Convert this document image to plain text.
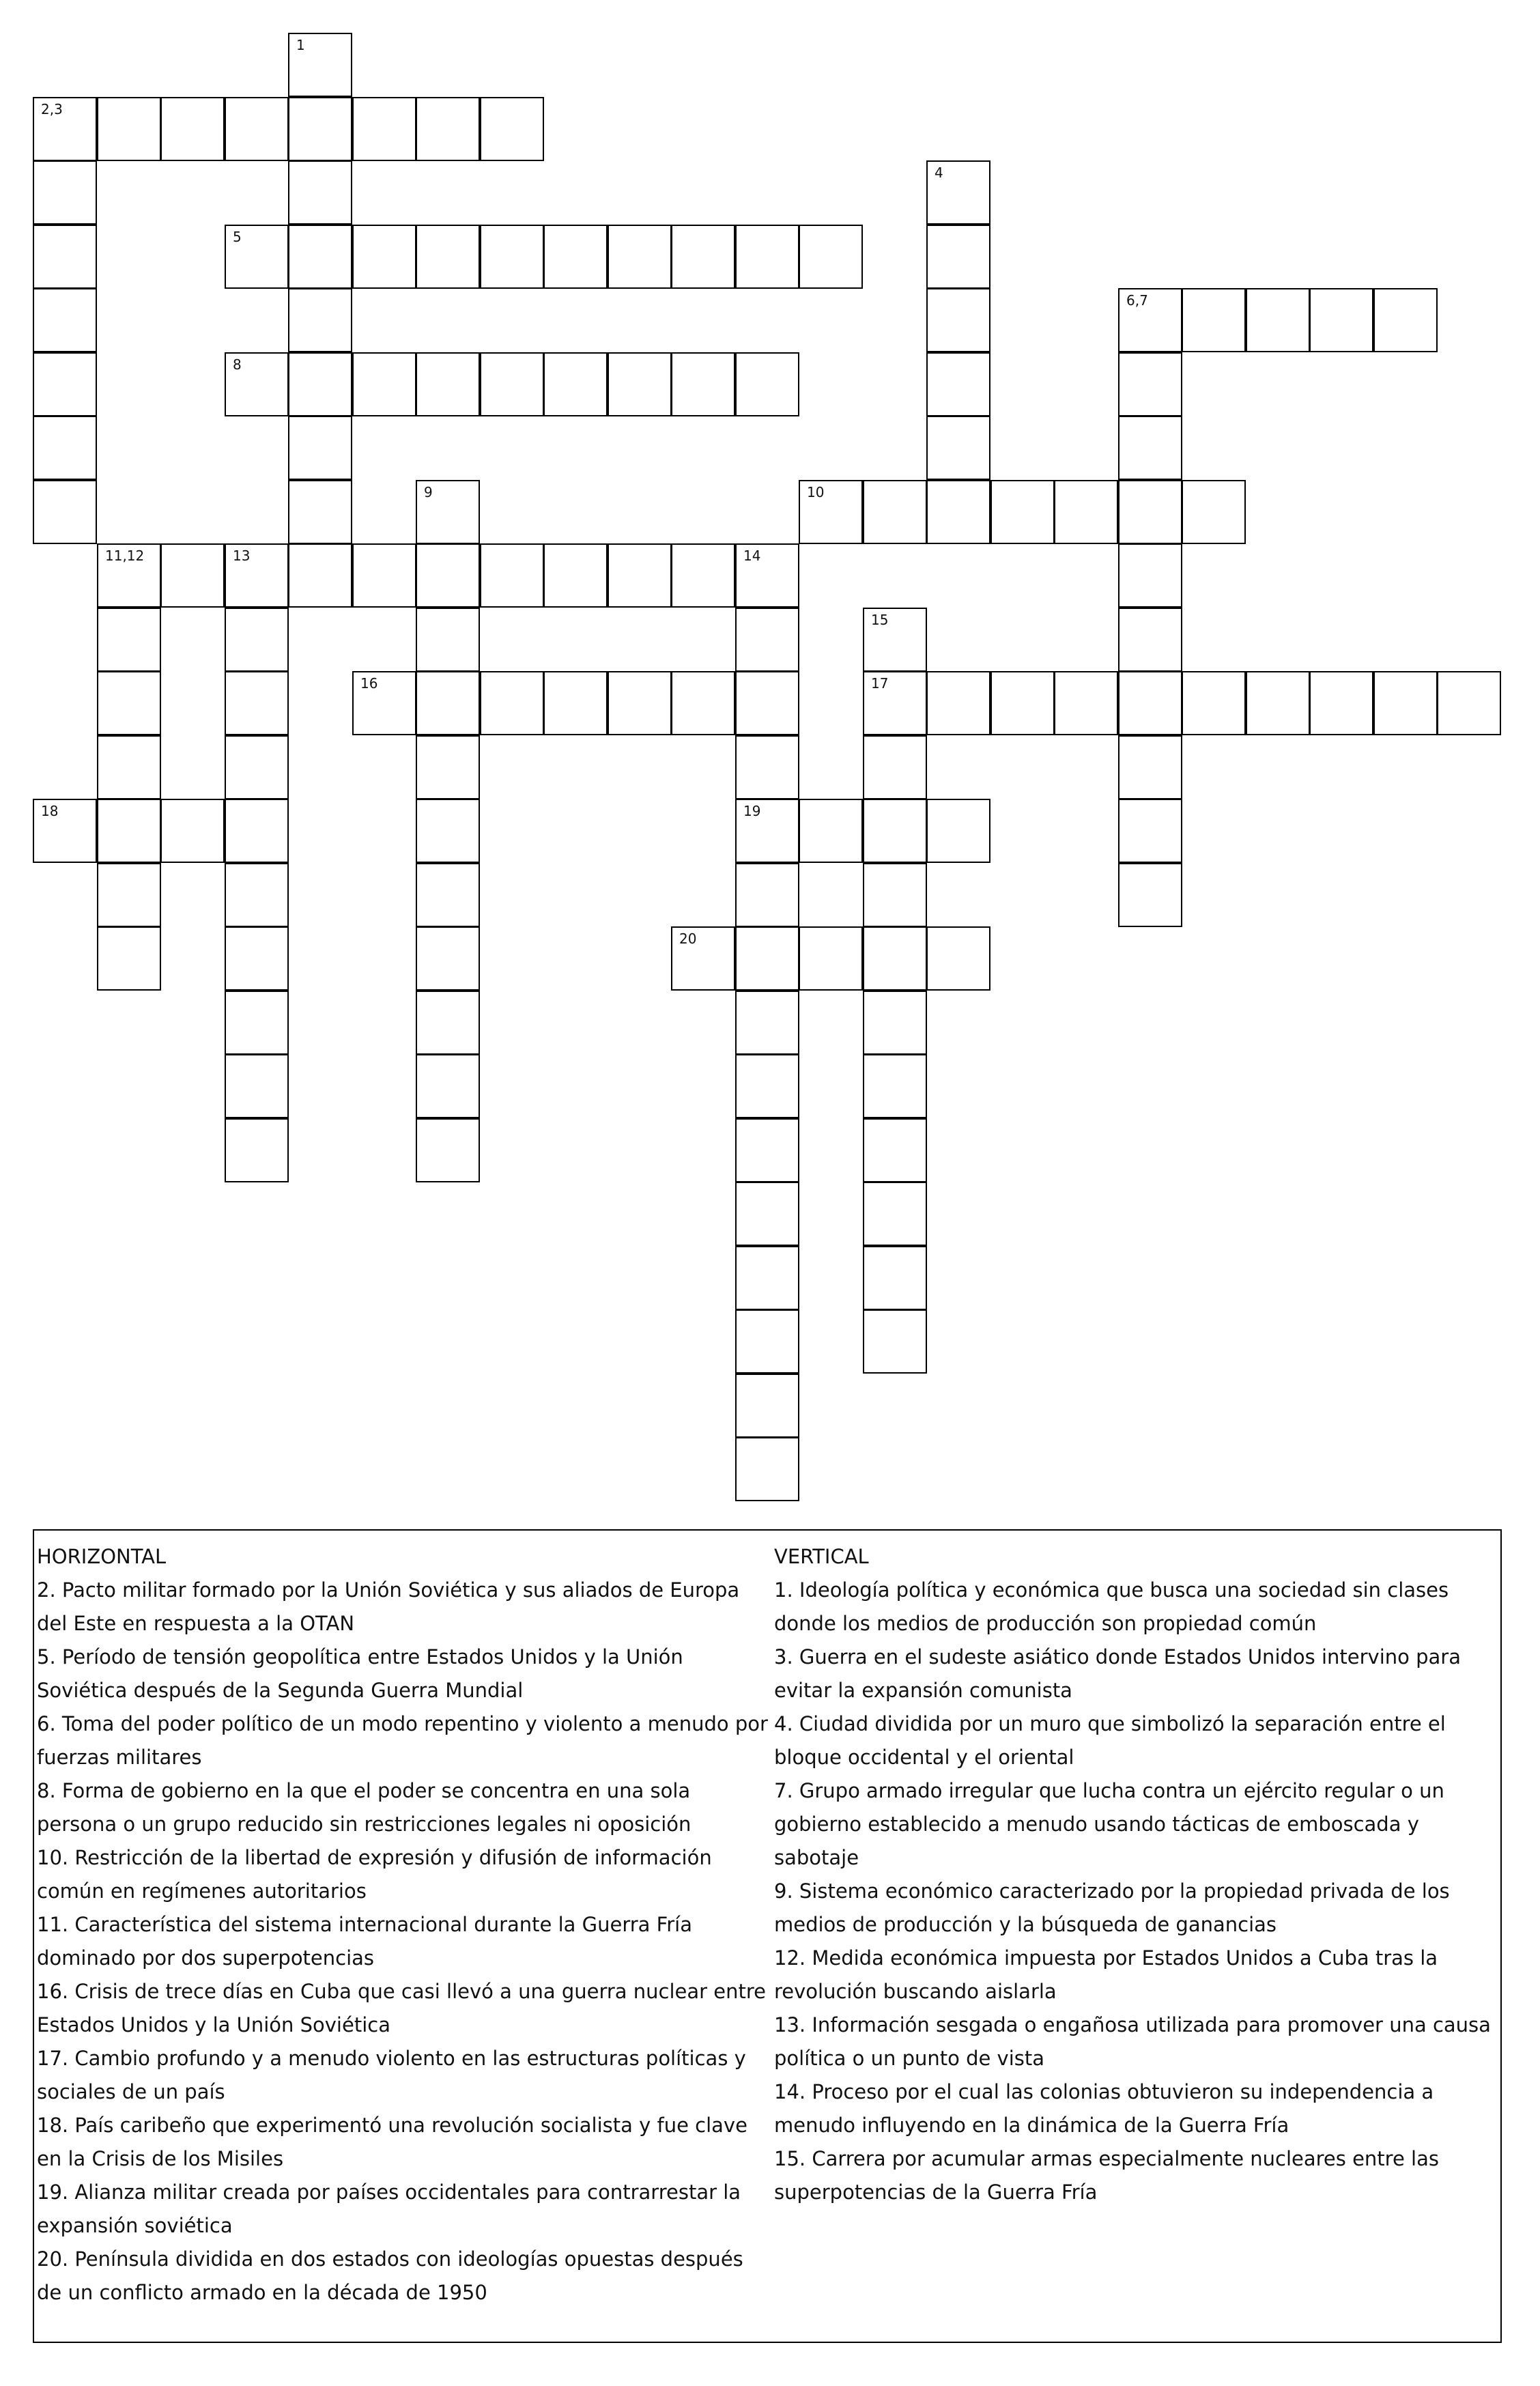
1
2,3
4
5
6,7
8
9	10
11,12	13	14
19
15
17
16
18
20
HORIZONTAL
2. Pacto militar formado por la Unión Soviética y sus aliados de Europa del Este en respuesta a la OTAN
5. Período de tensión geopolítica entre Estados Unidos y la Unión Soviética después de la Segunda Guerra Mundial
6. Toma del poder político de un modo repentino y violento a menudo por fuerzas militares
8. Forma de gobierno en la que el poder se concentra en una sola persona o un grupo reducido sin restricciones legales ni oposición
10. Restricción de la libertad de expresión y difusión de información común en regímenes autoritarios
11. Característica del sistema internacional durante la Guerra Fría dominado por dos superpotencias
16. Crisis de trece días en Cuba que casi llevó a una guerra nuclear entre Estados Unidos y la Unión Soviética
17. Cambio profundo y a menudo violento en las estructuras políticas y sociales de un país
18. País caribeño que experimentó una revolución socialista y fue clave en la Crisis de los Misiles
19. Alianza militar creada por países occidentales para contrarrestar la expansión soviética
20. Península dividida en dos estados con ideologías opuestas después de un conflicto armado en la década de 1950
VERTICAL
1. Ideología política y económica que busca una sociedad sin clases donde los medios de producción son propiedad común
3. Guerra en el sudeste asiático donde Estados Unidos intervino para evitar la expansión comunista
4. Ciudad dividida por un muro que simbolizó la separación entre el bloque occidental y el oriental
7. Grupo armado irregular que lucha contra un ejército regular o un gobierno establecido a menudo usando tácticas de emboscada y sabotaje
9. Sistema económico caracterizado por la propiedad privada de los medios de producción y la búsqueda de ganancias
12. Medida económica impuesta por Estados Unidos a Cuba tras la revolución buscando aislarla
13. Información sesgada o engañosa utilizada para promover una causa política o un punto de vista
14. Proceso por el cual las colonias obtuvieron su independencia a menudo influyendo en la dinámica de la Guerra Fría
15. Carrera por acumular armas especialmente nucleares entre las superpotencias de la Guerra Fría
